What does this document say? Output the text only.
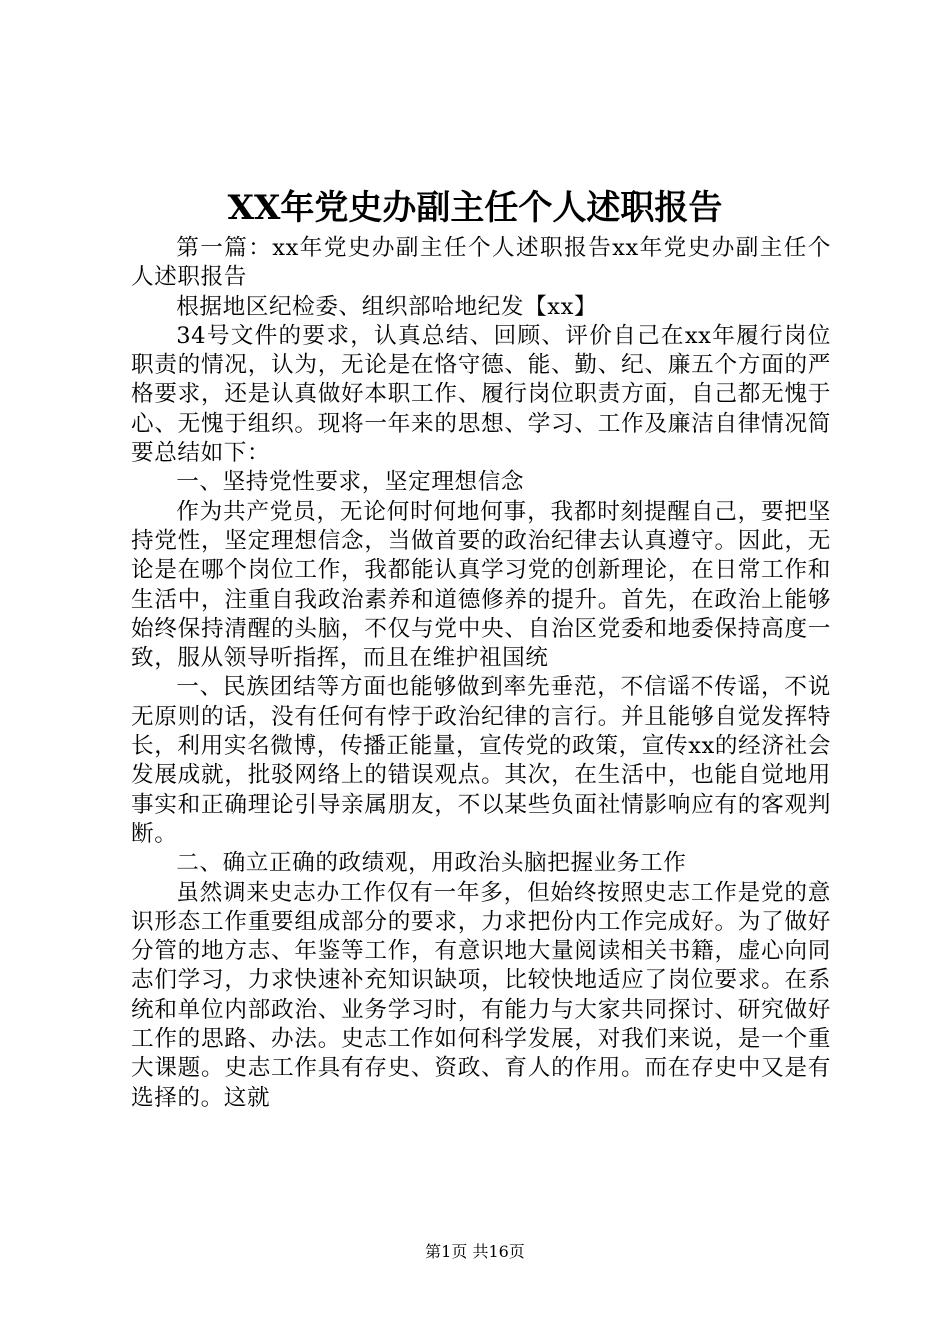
XX年党史办副主任个人述职报告

第一篇：xx年党史办副主任个人述职报告xx年党史办副主任个人述职报告

根据地区纪检委、组织部哈地纪发【xx】

34号文件的要求，认真总结、回顾、评价自己在xx年履行岗位职责的情况，认为，无论是在恪守德、能、勤、纪、廉五个方面的严格要求，还是认真做好本职工作、履行岗位职责方面，自己都无愧于心、无愧于组织。现将一年来的思想、学习、工作及廉洁自律情况简要总结如下：

一、坚持党性要求，坚定理想信念

作为共产党员，无论何时何地何事，我都时刻提醒自己，要把坚持党性，坚定理想信念，当做首要的政治纪律去认真遵守。因此，无论是在哪个岗位工作，我都能认真学习党的创新理论，在日常工作和生活中，注重自我政治素养和道德修养的提升。首先，在政治上能够始终保持清醒的头脑，不仅与党中央、自治区党委和地委保持高度一致，服从领导听指挥，而且在维护祖国统

一、民族团结等方面也能够做到率先垂范，不信谣不传谣，不说无原则的话，没有任何有悖于政治纪律的言行。并且能够自觉发挥特长，利用实名微博，传播正能量，宣传党的政策，宣传xx的经济社会发展成就，批驳网络上的错误观点。其次，在生活中，也能自觉地用事实和正确理论引导亲属朋友，不以某些负面社情影响应有的客观判断。

二、确立正确的政绩观，用政治头脑把握业务工作

虽然调来史志办工作仅有一年多，但始终按照史志工作是党的意识形态工作重要组成部分的要求，力求把份内工作完成好。为了做好分管的地方志、年鉴等工作，有意识地大量阅读相关书籍，虚心向同志们学习，力求快速补充知识缺项，比较快地适应了岗位要求。在系统和单位内部政治、业务学习时，有能力与大家共同探讨、研究做好工作的思路、办法。史志工作如何科学发展，对我们来说，是一个重大课题。史志工作具有存史、资政、育人的作用。而在存史中又是有选择的。这就

第1页 共16页
